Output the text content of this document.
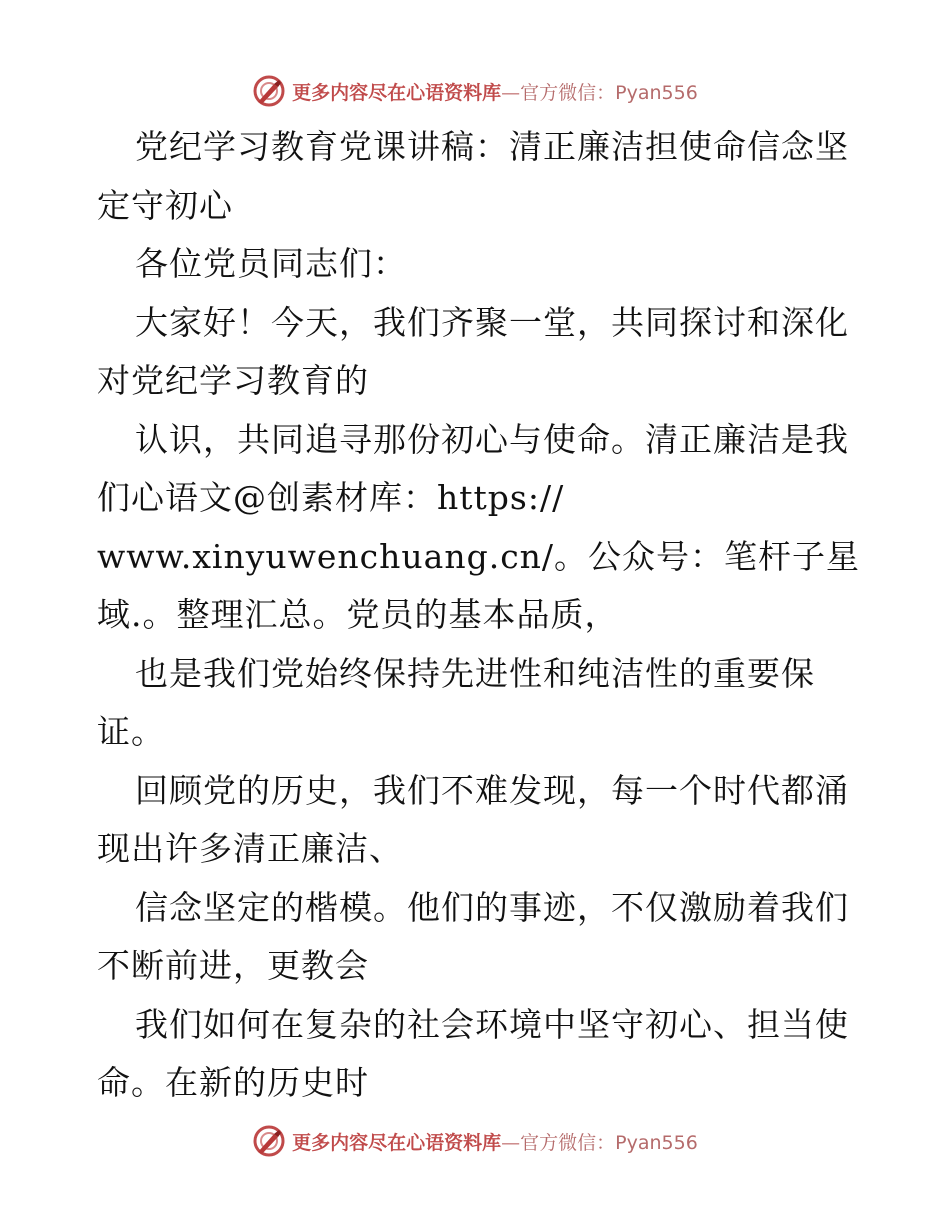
更多内容尽在心语资料库—官方微信：Pyan556
党纪学习教育党课讲稿：清正廉洁担使命信念坚
定守初心
各位党员同志们：
大家好！今天，我们齐聚一堂，共同探讨和深化
对党纪学习教育的
认识，共同追寻那份初心与使命。清正廉洁是我
们心语文@创素材库：https://
www.xinyuwenchuang.cn/。公众号：笔杆子星
域.。整理汇总。党员的基本品质，
也是我们党始终保持先进性和纯洁性的重要保
证。
回顾党的历史，我们不难发现，每一个时代都涌
现出许多清正廉洁、
信念坚定的楷模。他们的事迹，不仅激励着我们
不断前进，更教会
我们如何在复杂的社会环境中坚守初心、担当使
命。在新的历史时
更多内容尽在心语资料库—官方微信：Pyan556
